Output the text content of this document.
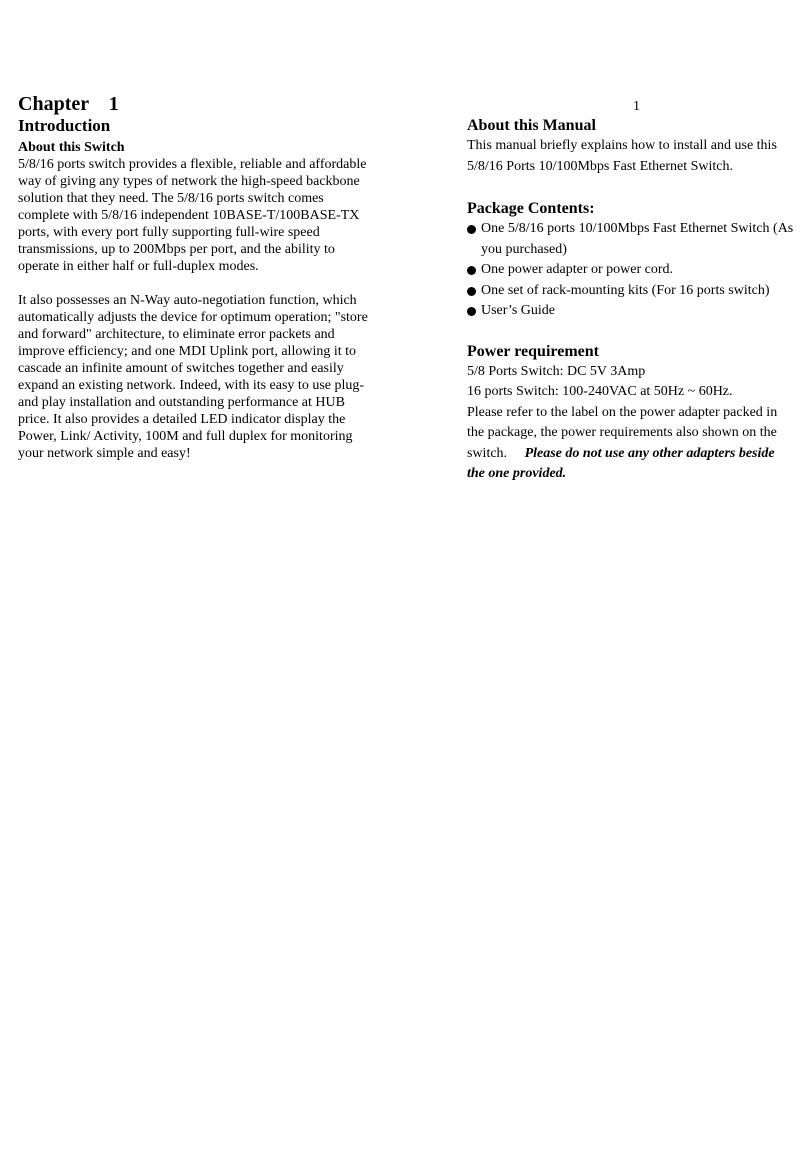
1
Chapter    1
Introduction
About this Switch

5/8/16 ports switch provides a flexible, reliable and affordable way of giving any types of network the high-speed backbone solution that they need. The 5/8/16 ports switch comes complete with 5/8/16 independent 10BASE-T/100BASE-TX ports, with every port fully supporting full-wire speed transmissions, up to 200Mbps per port, and the ability to operate in either half or full-duplex modes.

It also possesses an N-Way auto-negotiation function, which automatically adjusts the device for optimum operation; "store and forward" architecture, to eliminate error packets and improve efficiency; and one MDI Uplink port, allowing it to cascade an infinite amount of switches together and easily expand an existing network. Indeed, with its easy to use plug-and play installation and outstanding performance at HUB price. It also provides a detailed LED indicator display the Power, Link/ Activity, 100M and full duplex for monitoring your network simple and easy!

About this Manual

This manual briefly explains how to install and use this 5/8/16 Ports 10/100Mbps Fast Ethernet Switch.

Package Contents:
One 5/8/16 ports 10/100Mbps Fast Ethernet Switch (As you purchased)
One power adapter or power cord.
One set of rack-mounting kits (For 16 ports switch)
User’s Guide
Power requirement

5/8 Ports Switch: DC 5V 3Amp

16 ports Switch: 100-240VAC at 50Hz ~ 60Hz.

Please refer to the label on the power adapter packed in the package, the power requirements also shown on the switch. Please do not use any other adapters beside the one provided.
